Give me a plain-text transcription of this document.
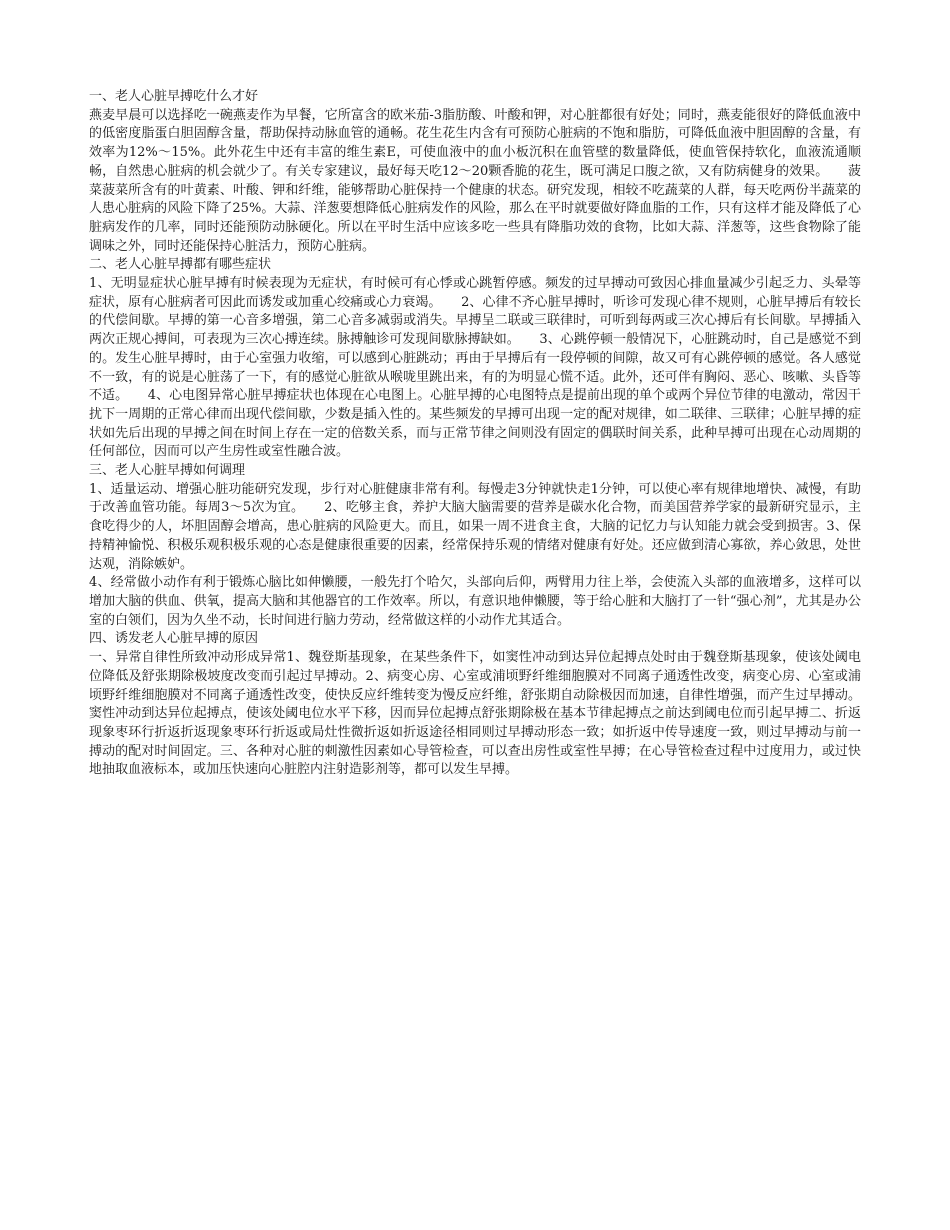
一、老人心脏早搏吃什么才好

燕麦早晨可以选择吃一碗燕麦作为早餐，它所富含的欧米茄-3脂肪酸、叶酸和钾，对心脏都很有好处；同时，燕麦能很好的降低血液中的低密度脂蛋白胆固醇含量，帮助保持动脉血管的通畅。花生花生内含有可预防心脏病的不饱和脂肪，可降低血液中胆固醇的含量，有效率为12%～15%。此外花生中还有丰富的维生素E，可使血液中的血小板沉积在血管壁的数量降低，使血管保持软化，血液流通顺畅，自然患心脏病的机会就少了。有关专家建议，最好每天吃12～20颗香脆的花生，既可满足口腹之欲，又有防病健身的效果。　　菠菜菠菜所含有的叶黄素、叶酸、钾和纤维，能够帮助心脏保持一个健康的状态。研究发现，相较不吃蔬菜的人群，每天吃两份半蔬菜的人患心脏病的风险下降了25%。大蒜、洋葱要想降低心脏病发作的风险，那么在平时就要做好降血脂的工作，只有这样才能及降低了心脏病发作的几率，同时还能预防动脉硬化。所以在平时生活中应该多吃一些具有降脂功效的食物，比如大蒜、洋葱等，这些食物除了能调味之外，同时还能保持心脏活力，预防心脏病。

二、老人心脏早搏都有哪些症状

1、无明显症状心脏早搏有时候表现为无症状，有时候可有心悸或心跳暂停感。频发的过早搏动可致因心排血量减少引起乏力、头晕等症状，原有心脏病者可因此而诱发或加重心绞痛或心力衰竭。　　2、心律不齐心脏早搏时，听诊可发现心律不规则，心脏早搏后有较长的代偿间歇。早搏的第一心音多增强，第二心音多减弱或消失。早搏呈二联或三联律时，可听到每两或三次心搏后有长间歇。早搏插入两次正规心搏间，可表现为三次心搏连续。脉搏触诊可发现间歇脉搏缺如。　　3、心跳停顿一般情况下，心脏跳动时，自己是感觉不到的。发生心脏早搏时，由于心室强力收缩，可以感到心脏跳动；再由于早搏后有一段停顿的间隙，故又可有心跳停顿的感觉。各人感觉不一致，有的说是心脏荡了一下，有的感觉心脏欲从喉咙里跳出来，有的为明显心慌不适。此外，还可伴有胸闷、恶心、咳嗽、头昏等不适。　　4、心电图异常心脏早搏症状也体现在心电图上。心脏早搏的心电图特点是提前出现的单个或两个异位节律的电激动，常因干扰下一周期的正常心律而出现代偿间歇，少数是插入性的。某些频发的早搏可出现一定的配对规律，如二联律、三联律；心脏早搏的症状如先后出现的早搏之间在时间上存在一定的倍数关系，而与正常节律之间则没有固定的偶联时间关系，此种早搏可出现在心动周期的任何部位，因而可以产生房性或室性融合波。

三、老人心脏早搏如何调理

1、适量运动、增强心脏功能研究发现，步行对心脏健康非常有利。每慢走3分钟就快走1分钟，可以使心率有规律地增快、减慢，有助于改善血管功能。每周3～5次为宜。　　2、吃够主食，养护大脑大脑需要的营养是碳水化合物，而美国营养学家的最新研究显示，主食吃得少的人，坏胆固醇会增高，患心脏病的风险更大。而且，如果一周不进食主食，大脑的记忆力与认知能力就会受到损害。3、保持精神愉悦、积极乐观积极乐观的心态是健康很重要的因素，经常保持乐观的情绪对健康有好处。还应做到清心寡欲，养心敛思，处世达观，消除嫉妒。

4、经常做小动作有利于锻炼心脑比如伸懒腰，一般先打个哈欠，头部向后仰，两臂用力往上举，会使流入头部的血液增多，这样可以增加大脑的供血、供氧，提高大脑和其他器官的工作效率。所以，有意识地伸懒腰，等于给心脏和大脑打了一针“强心剂”，尤其是办公室的白领们，因为久坐不动，长时间进行脑力劳动，经常做这样的小动作尤其适合。

四、诱发老人心脏早搏的原因

一、异常自律性所致冲动形成异常1、魏登斯基现象，在某些条件下，如窦性冲动到达异位起搏点处时由于魏登斯基现象，使该处阈电位降低及舒张期除极坡度改变而引起过早搏动。2、病变心房、心室或浦顷野纤维细胞膜对不同离子通透性改变，病变心房、心室或浦顷野纤维细胞膜对不同离子通透性改变，使快反应纤维转变为慢反应纤维，舒张期自动除极因而加速，自律性增强，而产生过早搏动。窦性冲动到达异位起搏点，使该处阈电位水平下移，因而异位起搏点舒张期除极在基本节律起搏点之前达到阈电位而引起早搏二、折返现象枣环行折返折返现象枣环行折返或局灶性微折返如折返途径相同则过早搏动形态一致；如折返中传导速度一致，则过早搏动与前一搏动的配对时间固定。三、各种对心脏的刺激性因素如心导管检查，可以查出房性或室性早搏；在心导管检查过程中过度用力，或过快地抽取血液标本，或加压快速向心脏腔内注射造影剂等，都可以发生早搏。
